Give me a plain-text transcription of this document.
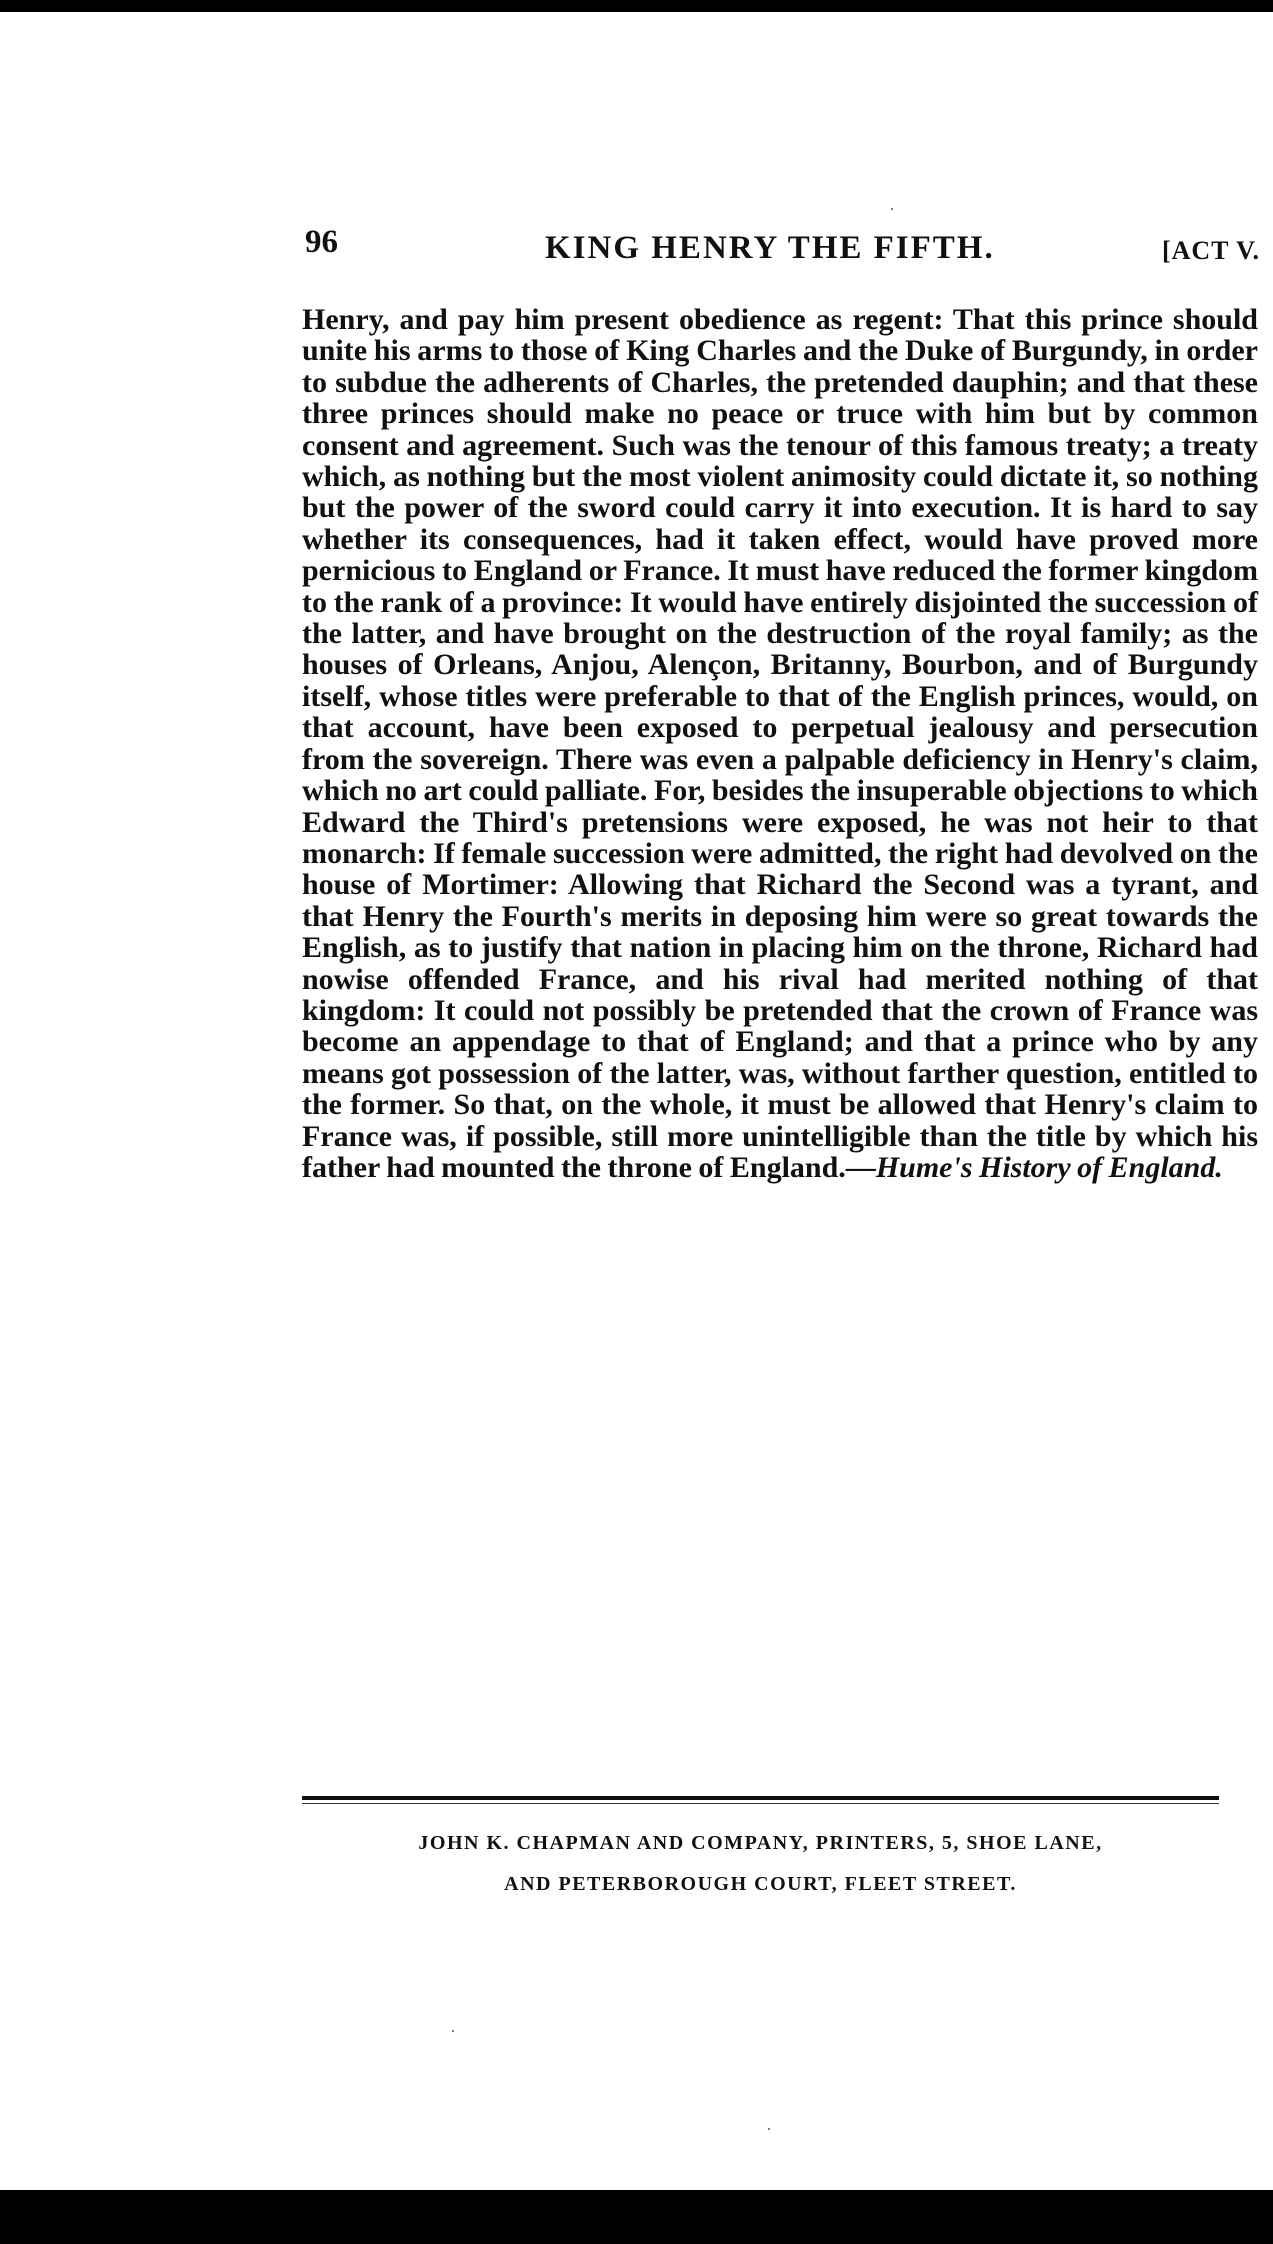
96	KING HENRY THE FIFTH.	[ACT V.
Henry, and pay him present obedience as regent: That this prince should unite his arms to those of King Charles and the Duke of Burgundy, in order to subdue the adherents of Charles, the pretended dauphin; and that these three princes should make no peace or truce with him but by common consent and agreement. Such was the tenour of this famous treaty; a treaty which, as nothing but the most violent animosity could dictate it, so nothing but the power of the sword could carry it into execution. It is hard to say whether its consequences, had it taken effect, would have proved more pernicious to England or France. It must have reduced the former kingdom to the rank of a province: It would have entirely disjointed the succession of the latter, and have brought on the destruction of the royal family; as the houses of Orleans, Anjou, Alençon, Britanny, Bourbon, and of Burgundy itself, whose titles were preferable to that of the English princes, would, on that account, have been exposed to perpetual jealousy and persecution from the sovereign. There was even a palpable deficiency in Henry's claim, which no art could palliate. For, besides the insuperable objections to which Edward the Third's pretensions were exposed, he was not heir to that monarch: If female succession were admitted, the right had devolved on the house of Mortimer: Allowing that Richard the Second was a tyrant, and that Henry the Fourth's merits in deposing him were so great towards the English, as to justify that nation in placing him on the throne, Richard had nowise offended France, and his rival had merited nothing of that kingdom: It could not possibly be pretended that the crown of France was become an appendage to that of England; and that a prince who by any means got possession of the latter, was, without farther question, entitled to the former. So that, on the whole, it must be allowed that Henry's claim to France was, if possible, still more unintelligible than the title by which his father had mounted the throne of England.—Hume's History of England.
JOHN K. CHAPMAN AND COMPANY, PRINTERS, 5, SHOE LANE,
AND PETERBOROUGH COURT, FLEET STREET.
